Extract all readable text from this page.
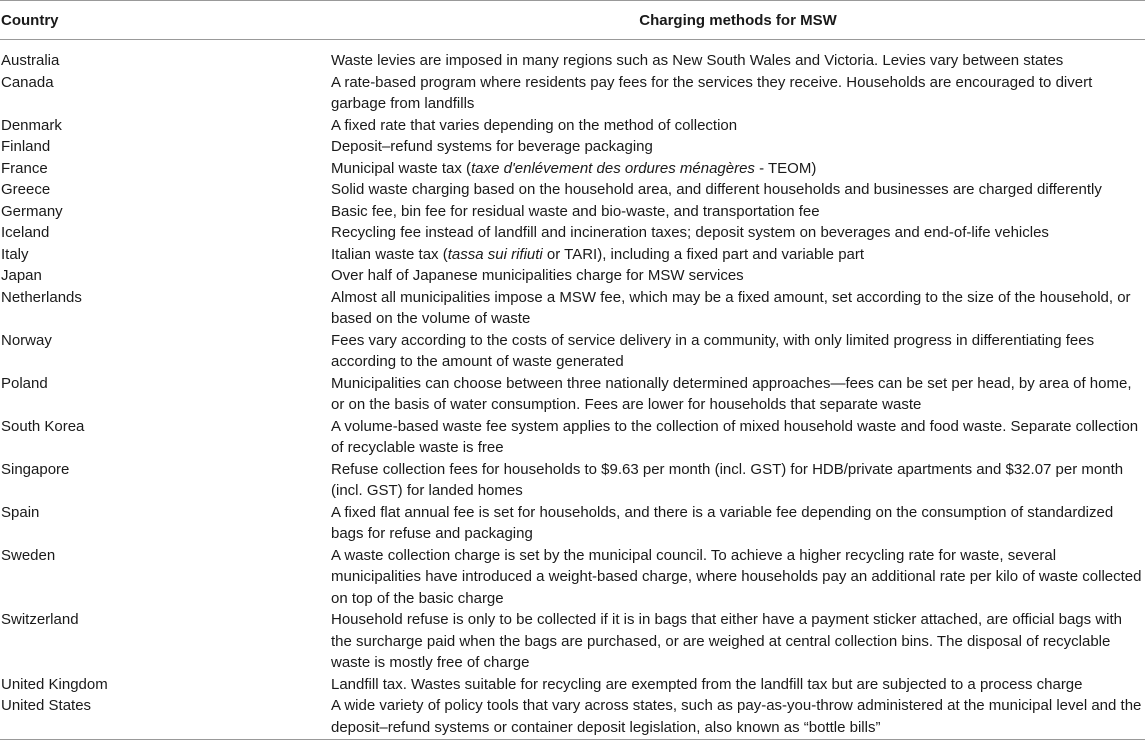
Country	Charging methods for MSW
Australia	Waste levies are imposed in many regions such as New South Wales and Victoria. Levies vary between states
Canada	A rate-based program where residents pay fees for the services they receive. Households are encouraged to divert garbage from landfills
Denmark	A fixed rate that varies depending on the method of collection
Finland	Deposit–refund systems for beverage packaging
France	Municipal waste tax (taxe d'enlévement des ordures ménagères - TEOM)
Greece	Solid waste charging based on the household area, and different households and businesses are charged differently
Germany	Basic fee, bin fee for residual waste and bio-waste, and transportation fee
Iceland	Recycling fee instead of landfill and incineration taxes; deposit system on beverages and end-of-life vehicles
Italy	Italian waste tax (tassa sui rifiuti or TARI), including a fixed part and variable part
Japan	Over half of Japanese municipalities charge for MSW services
Netherlands	Almost all municipalities impose a MSW fee, which may be a fixed amount, set according to the size of the household, or based on the volume of waste
Norway	Fees vary according to the costs of service delivery in a community, with only limited progress in differentiating fees according to the amount of waste generated
Poland	Municipalities can choose between three nationally determined approaches—fees can be set per head, by area of home, or on the basis of water consumption. Fees are lower for households that separate waste
South Korea	A volume-based waste fee system applies to the collection of mixed household waste and food waste. Separate collection of recyclable waste is free
Singapore	Refuse collection fees for households to $9.63 per month (incl. GST) for HDB/private apartments and $32.07 per month (incl. GST) for landed homes
Spain	A fixed flat annual fee is set for households, and there is a variable fee depending on the consumption of standardized bags for refuse and packaging
Sweden	A waste collection charge is set by the municipal council. To achieve a higher recycling rate for waste, several municipalities have introduced a weight-based charge, where households pay an additional rate per kilo of waste collected on top of the basic charge
Switzerland	Household refuse is only to be collected if it is in bags that either have a payment sticker attached, are official bags with the surcharge paid when the bags are purchased, or are weighed at central collection bins. The disposal of recyclable waste is mostly free of charge
United Kingdom	Landfill tax. Wastes suitable for recycling are exempted from the landfill tax but are subjected to a process charge
United States	A wide variety of policy tools that vary across states, such as pay-as-you-throw administered at the municipal level and the deposit–refund systems or container deposit legislation, also known as “bottle bills”
